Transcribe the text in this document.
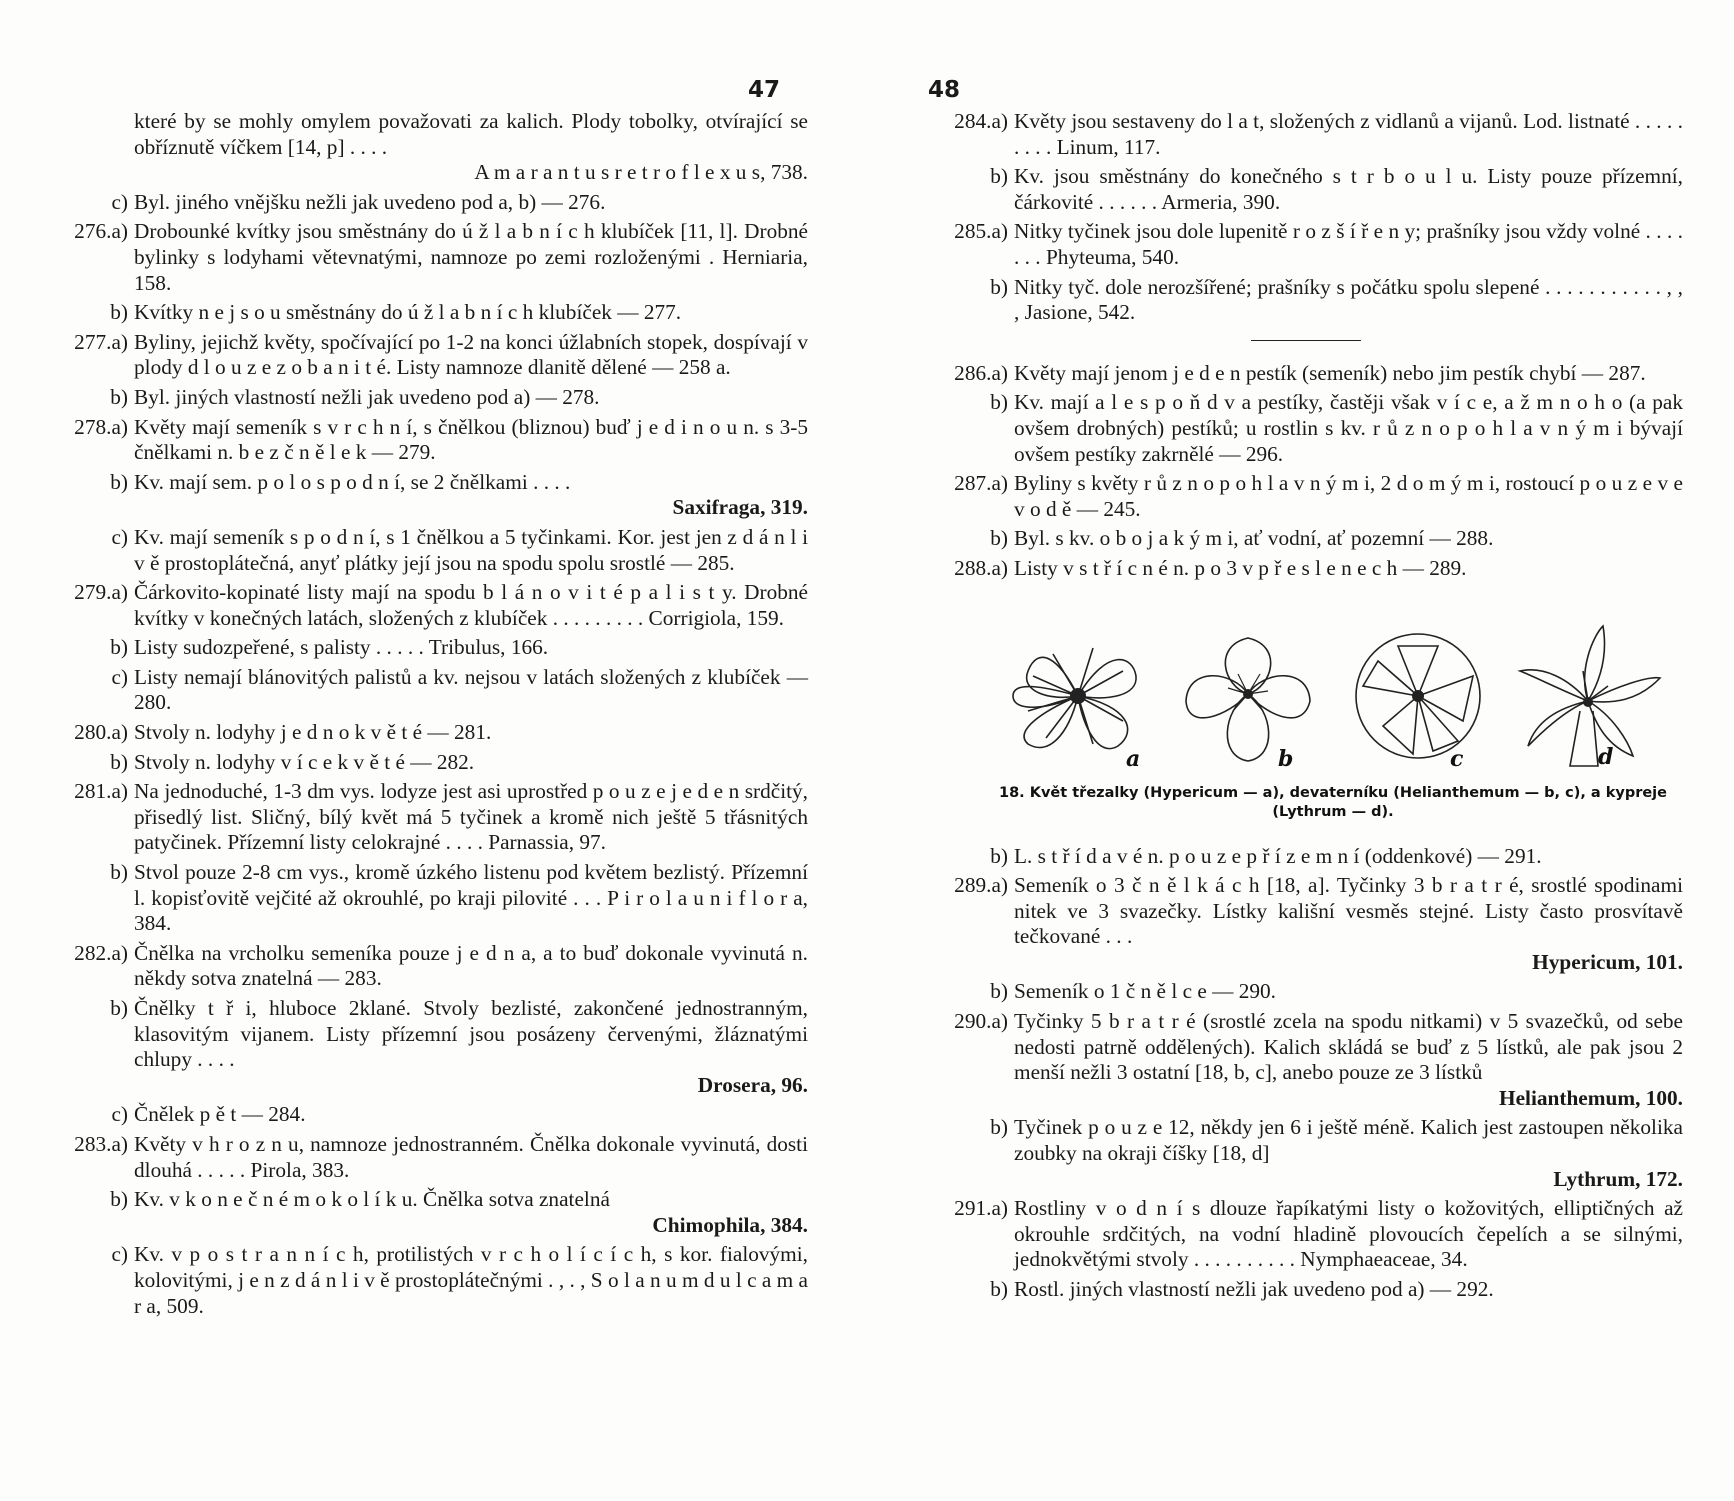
47
které by se mohly omylem považovati za kalich. Plody tobolky, otvírající se obříznutě víčkem [14, p] . . . .
A m a r a n t u s r e t r o f l e x u s, 738.
c) Byl. jiného vnějšku nežli jak uvedeno pod a, b) — 276.
276.a) Drobounké kvítky jsou směstnány do ú ž l a b n í c h klubíček [11, l]. Drobné bylinky s lodyhami větevnatými, namnoze po zemi rozloženými . Herniaria, 158.
b) Kvítky n e j s o u směstnány do ú ž l a b n í c h klubíček — 277.
277.a) Byliny, jejichž květy, spočívající po 1-2 na konci úžlabních stopek, dospívají v plody d l o u z e z o b a n i t é. Listy namnoze dlanitě dělené — 258 a.
b) Byl. jiných vlastností nežli jak uvedeno pod a) — 278.
278.a) Květy mají semeník s v r c h n í, s čnělkou (bliznou) buď j e d i n o u n. s 3-5 čnělkami n. b e z č n ě l e k — 279.
b) Kv. mají sem. p o l o s p o d n í, se 2 čnělkami . . . .
Saxifraga, 319.
c) Kv. mají semeník s p o d n í, s 1 čnělkou a 5 tyčinkami. Kor. jest jen z d á n l i v ě prostoplátečná, anyť plátky její jsou na spodu spolu srostlé — 285.
279.a) Čárkovito-kopinaté listy mají na spodu b l á n o v i t é p a l i s t y. Drobné kvítky v konečných latách, složených z klubíček . . . . . . . . . Corrigiola, 159.
b) Listy sudozpeřené, s palisty . . . . . Tribulus, 166.
c) Listy nemají blánovitých palistů a kv. nejsou v latách složených z klubíček — 280.
280.a) Stvoly n. lodyhy j e d n o k v ě t é — 281.
b) Stvoly n. lodyhy v í c e k v ě t é — 282.
281.a) Na jednoduché, 1-3 dm vys. lodyze jest asi uprostřed p o u z e j e d e n srdčitý, přisedlý list. Sličný, bílý květ má 5 tyčinek a kromě nich ještě 5 třásnitých patyčinek. Přízemní listy celokrajné . . . . Parnassia, 97.
b) Stvol pouze 2-8 cm vys., kromě úzkého listenu pod květem bezlistý. Přízemní l. kopisťovitě vejčité až okrouhlé, po kraji pilovité . . . P i r o l a u n i f l o r a, 384.
282.a) Čnělka na vrcholku semeníka pouze j e d n a, a to buď dokonale vyvinutá n. někdy sotva znatelná — 283.
b) Čnělky t ř i, hluboce 2klané. Stvoly bezlisté, zakončené jednostranným, klasovitým vijanem. Listy přízemní jsou posázeny červenými, žláznatými chlupy . . . .
Drosera, 96.
c) Čnělek p ě t — 284.
283.a) Květy v h r o z n u, namnoze jednostranném. Čnělka dokonale vyvinutá, dosti dlouhá . . . . . Pirola, 383.
b) Kv. v k o n e č n é m o k o l í k u. Čnělka sotva znatelná
Chimophila, 384.
c) Kv. v p o s t r a n n í c h, protilistých v r c h o l í c í c h, s kor. fialovými, kolovitými, j e n z d á n l i v ě prostoplátečnými . , . , S o l a n u m d u l c a m a r a, 509.
48
284.a) Květy jsou sestaveny do l a t, složených z vidlanů a vijanů. Lod. listnaté . . . . . . . . . Linum, 117.
b) Kv. jsou směstnány do konečného s t r b o u l u. Listy pouze přízemní, čárkovité . . . . . . Armeria, 390.
285.a) Nitky tyčinek jsou dole lupenitě r o z š í ř e n y; prašníky jsou vždy volné . . . . . . . Phyteuma, 540.
b) Nitky tyč. dole nerozšířené; prašníky s počátku spolu slepené . . . . . . . . . . . , , , Jasione, 542.
286.a) Květy mají jenom j e d e n pestík (semeník) nebo jim pestík chybí — 287.
b) Kv. mají a l e s p o ň d v a pestíky, častěji však v í c e, a ž m n o h o (a pak ovšem drobných) pestíků; u rostlin s kv. r ů z n o p o h l a v n ý m i bývají ovšem pestíky zakrnělé — 296.
287.a) Byliny s květy r ů z n o p o h l a v n ý m i, 2 d o m ý m i, rostoucí p o u z e v e v o d ě — 245.
b) Byl. s kv. o b o j a k ý m i, ať vodní, ať pozemní — 288.
288.a) Listy v s t ř í c n é n. p o 3 v p ř e s l e n e c h — 289.
a	b	c	d
18. Květ třezalky (Hypericum — a), devaterníku (Helianthemum — b, c), a kypreje (Lythrum — d).
b) L. s t ř í d a v é n. p o u z e p ř í z e m n í (oddenkové) — 291.
289.a) Semeník o 3 č n ě l k á c h [18, a]. Tyčinky 3 b r a t r é, srostlé spodinami nitek ve 3 svazečky. Lístky kališní vesměs stejné. Listy často prosvítavě tečkované . . .
Hypericum, 101.
b) Semeník o 1 č n ě l c e — 290.
290.a) Tyčinky 5 b r a t r é (srostlé zcela na spodu nitkami) v 5 svazečků, od sebe nedosti patrně oddělených). Kalich skládá se buď z 5 lístků, ale pak jsou 2 menší nežli 3 ostatní [18, b, c], anebo pouze ze 3 lístků
Helianthemum, 100.
b) Tyčinek p o u z e 12, někdy jen 6 i ještě méně. Kalich jest zastoupen několika zoubky na okraji číšky [18, d]
Lythrum, 172.
291.a) Rostliny v o d n í s dlouze řapíkatými listy o kožovitých, elliptičných až okrouhle srdčitých, na vodní hladině plovoucích čepelích a se silnými, jednokvětými stvoly . . . . . . . . . . Nymphaeaceae, 34.
b) Rostl. jiných vlastností nežli jak uvedeno pod a) — 292.
